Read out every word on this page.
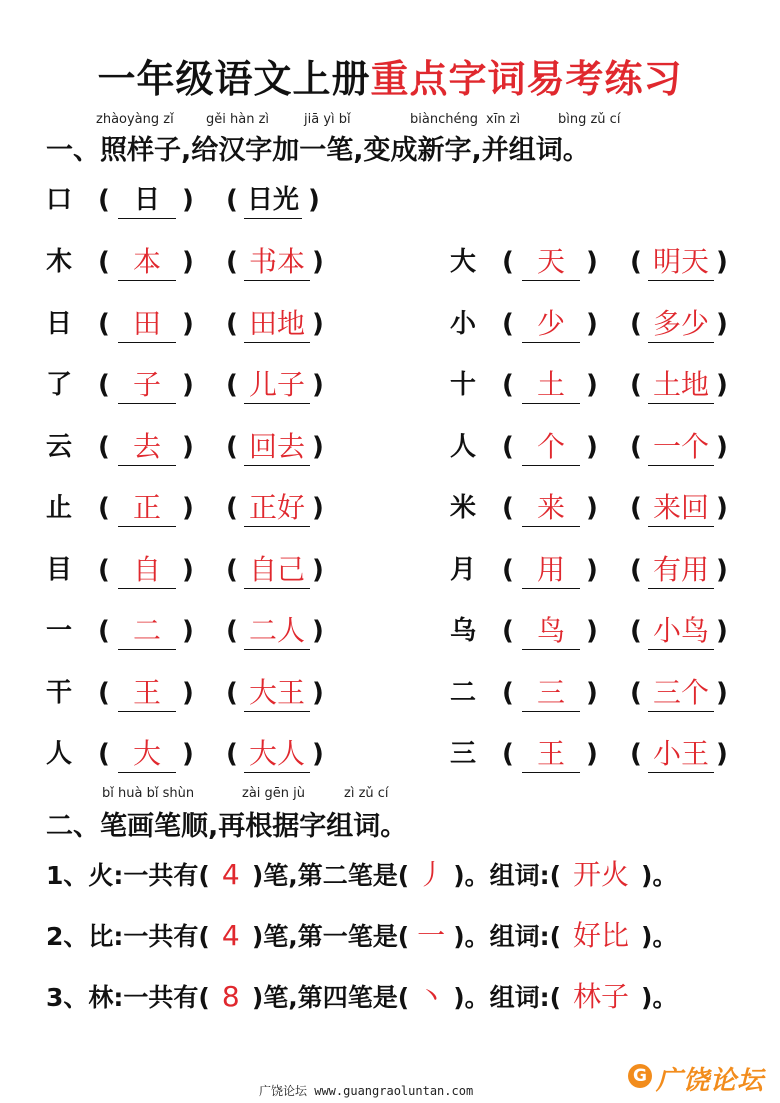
一年级语文上册重点字词易考练习
zhàoyàng zǐ gěi hàn zì	jiā yì bǐ	biànchéng xīn zì	bìng zǔ cí
一、照样子,给汉字加一笔,变成新字,并组词。
口 ( 日 ) ( 日光 )
木 ( 本 ) ( 书本 )
日 ( 田 ) ( 田地 )
了 ( 子 ) ( 儿子 )
云 ( 去 ) ( 回去 )
止 ( 正 ) ( 正好 )
目 ( 自 ) ( 自己 )
一 ( 二 ) ( 二人 )
干 ( 王 ) ( 大王 )
人 ( 大 ) ( 大人 )
大 ( 天 ) ( 明天 )
小 ( 少 ) ( 多少 )
十 ( 土 ) ( 土地 )
人 ( 个 ) ( 一个 )
米 ( 来 ) ( 来回 )
月 ( 用 ) ( 有用 )
乌 ( 鸟 ) ( 小鸟 )
二 ( 三 ) ( 三个 )
三 ( 王 ) ( 小王 )
bǐ huà bǐ shùn	zài gēn jù	zì zǔ cí
二、笔画笔顺,再根据字组词。
1、火:一共有( 4 )笔,第二笔是( 丿 )。组词:( 开火 )。
2、比:一共有( 4 )笔,第一笔是( 一 )。组词:( 好比 )。
3、林:一共有( 8 )笔,第四笔是( 丶 )。组词:( 林子 )。
广饶论坛 www.guangraoluntan.com
G 广饶论坛
